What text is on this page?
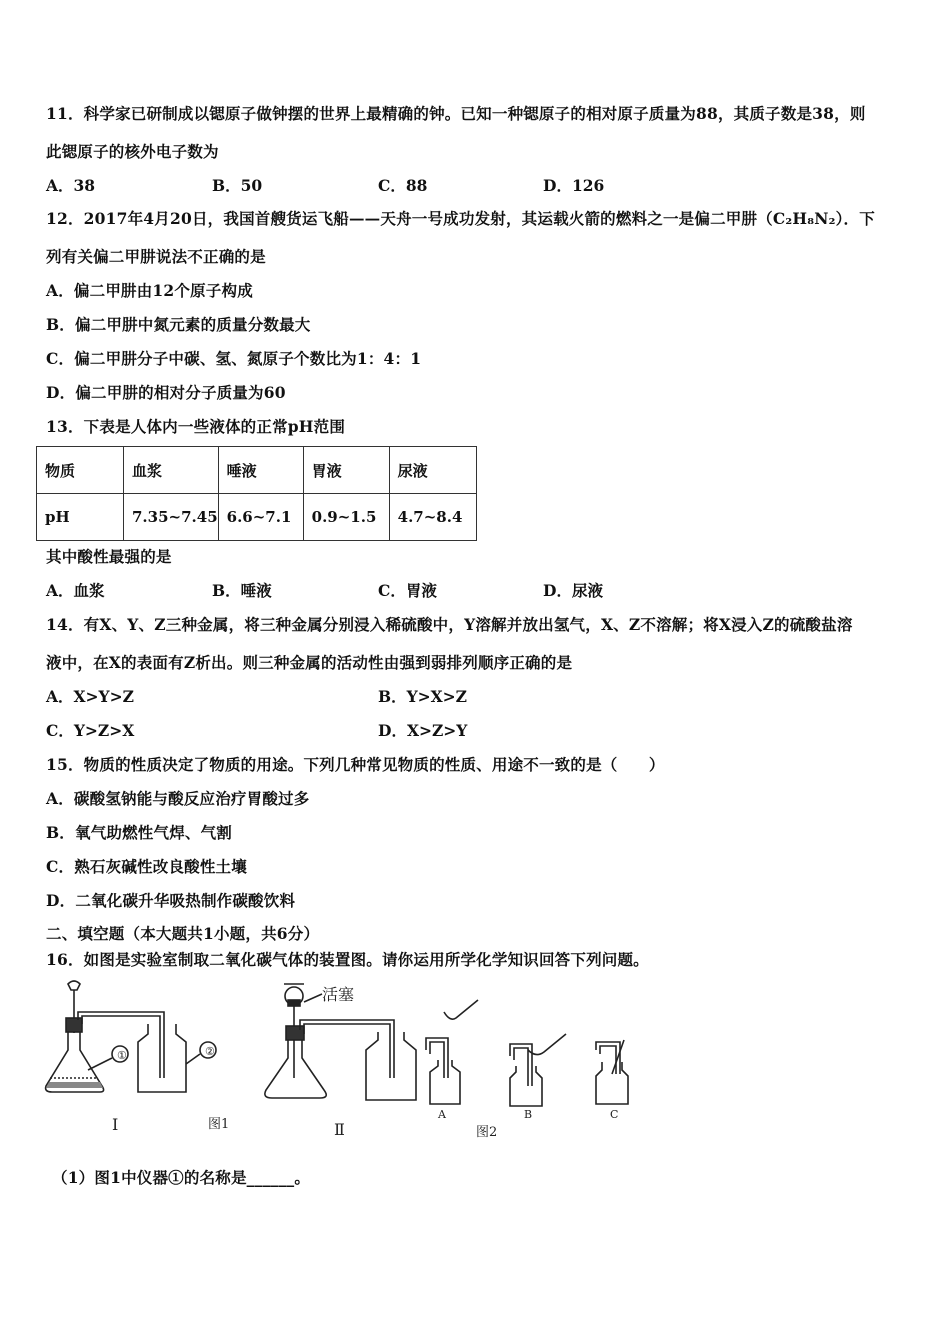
11．科学家已研制成以锶原子做钟摆的世界上最精确的钟。已知一种锶原子的相对原子质量为88，其质子数是38，则
此锶原子的核外电子数为
A．38	B．50	C．88	D．126
12．2017年4月20日，我国首艘货运飞船——天舟一号成功发射，其运载火箭的燃料之一是偏二甲肼（C₂H₈N₂）．下
列有关偏二甲肼说法不正确的是
A．偏二甲肼由12个原子构成
B．偏二甲肼中氮元素的质量分数最大
C．偏二甲肼分子中碳、氢、氮原子个数比为1：4：1
D．偏二甲肼的相对分子质量为60
13．下表是人体内一些液体的正常pH范围
物质	血浆	唾液	胃液	尿液
pH	7.35~7.45	6.6~7.1	0.9~1.5	4.7~8.4
其中酸性最强的是
A．血浆	B．唾液	C．胃液	D．尿液
14．有X、Y、Z三种金属，将三种金属分别浸入稀硫酸中，Y溶解并放出氢气，X、Z不溶解；将X浸入Z的硫酸盐溶
液中，在X的表面有Z析出。则三种金属的活动性由强到弱排列顺序正确的是
A．X>Y>Z	B．Y>X>Z
C．Y>Z>X	D．X>Z>Y
15．物质的性质决定了物质的用途。下列几种常见物质的性质、用途不一致的是（　　）
A．碳酸氢钠能与酸反应治疗胃酸过多
B．氧气助燃性气焊、气割
C．熟石灰碱性改良酸性土壤
D．二氧化碳升华吸热制作碳酸饮料
二、填空题（本大题共1小题，共6分）
16．如图是实验室制取二氧化碳气体的装置图。请你运用所学化学知识回答下列问题。
①	②
Ⅰ	图1
活塞
Ⅱ
A	B	C
图2
（1）图1中仪器①的名称是______。
